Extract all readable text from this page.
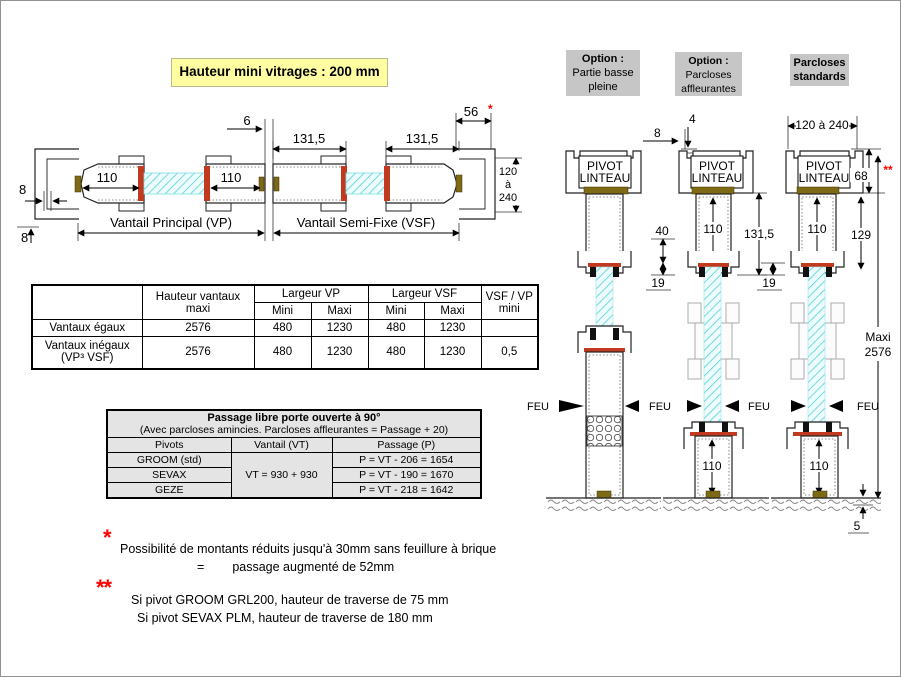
Hauteur mini vitrages : 200 mm
110	110
6
131,5	131,5
56 *
120
à
240
8
8
Vantail Principal (VP)	Vantail Semi-Fixe (VSF)
	Hauteur vantaux maxi	Largeur VP		Largeur VSF		VSF / VP mini
		Mini	Maxi	Mini	Maxi	
Vantaux égaux	2576	480	1230	480	1230	
Vantaux inégaux (VP³ VSF)	2576	480	1230	480	1230	0,5
Passage libre porte ouverte à 90°
(Avec parcloses amincies. Parcloses affleurantes = Passage + 20)		

Pivots	Vantail (VT)	Passage (P)
GROOM (std)	VT = 930 + 930	P = VT - 206 = 1654
SEVAX		P = VT - 190 = 1670
GEZE		P = VT - 218 = 1642
* Possibilité de montants réduits jusqu'à 30mm sans feuillure à brique
= passage augmenté de 52mm
** Si pivot GROOM GRL200, hauteur de traverse de 75 mm
Si pivot SEVAX PLM, hauteur de traverse de 180 mm
Option :
Partie basse
pleine
Option :
Parcloses
affleurantes
Parcloses
standards
PIVOT
LINTEAU
8
4
PIVOT
LINTEAU
110 131,5
40
19
110
120 à 240
PIVOT
LINTEAU
110
68 **
129
19
110
Maxi
2576
5
FEU	FEU	FEU	FEU
